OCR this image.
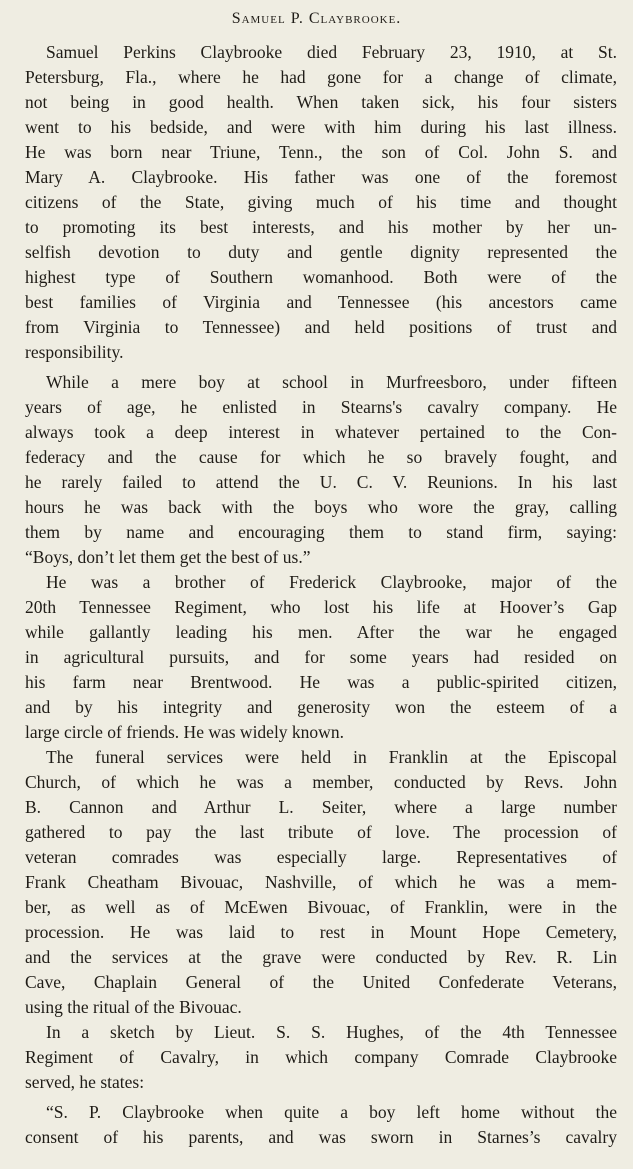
Samuel P. Claybrooke.
Samuel Perkins Claybrooke died February 23, 1910, at St.
Petersburg, Fla., where he had gone for a change of climate,
not being in good health. When taken sick, his four sisters
went to his bedside, and were with him during his last illness.
He was born near Triune, Tenn., the son of Col. John S. and
Mary A. Claybrooke. His father was one of the foremost
citizens of the State, giving much of his time and thought
to promoting its best interests, and his mother by her un-
selfish devotion to duty and gentle dignity represented the
highest type of Southern womanhood. Both were of the
best families of Virginia and Tennessee (his ancestors came
from Virginia to Tennessee) and held positions of trust and
responsibility.
While a mere boy at school in Murfreesboro, under fifteen
years of age, he enlisted in Stearns's cavalry company. He
always took a deep interest in whatever pertained to the Con-
federacy and the cause for which he so bravely fought, and
he rarely failed to attend the U. C. V. Reunions. In his last
hours he was back with the boys who wore the gray, calling
them by name and encouraging them to stand firm, saying:
“Boys, don’t let them get the best of us.”
He was a brother of Frederick Claybrooke, major of the
20th Tennessee Regiment, who lost his life at Hoover’s Gap
while gallantly leading his men. After the war he engaged
in agricultural pursuits, and for some years had resided on
his farm near Brentwood. He was a public-spirited citizen,
and by his integrity and generosity won the esteem of a
large circle of friends. He was widely known.
The funeral services were held in Franklin at the Episcopal
Church, of which he was a member, conducted by Revs. John
B. Cannon and Arthur L. Seiter, where a large number
gathered to pay the last tribute of love. The procession of
veteran comrades was especially large. Representatives of
Frank Cheatham Bivouac, Nashville, of which he was a mem-
ber, as well as of McEwen Bivouac, of Franklin, were in the
procession. He was laid to rest in Mount Hope Cemetery,
and the services at the grave were conducted by Rev. R. Lin
Cave, Chaplain General of the United Confederate Veterans,
using the ritual of the Bivouac.
In a sketch by Lieut. S. S. Hughes, of the 4th Tennessee
Regiment of Cavalry, in which company Comrade Claybrooke
served, he states:
“S. P. Claybrooke when quite a boy left home without the
consent of his parents, and was sworn in Starnes’s cavalry
